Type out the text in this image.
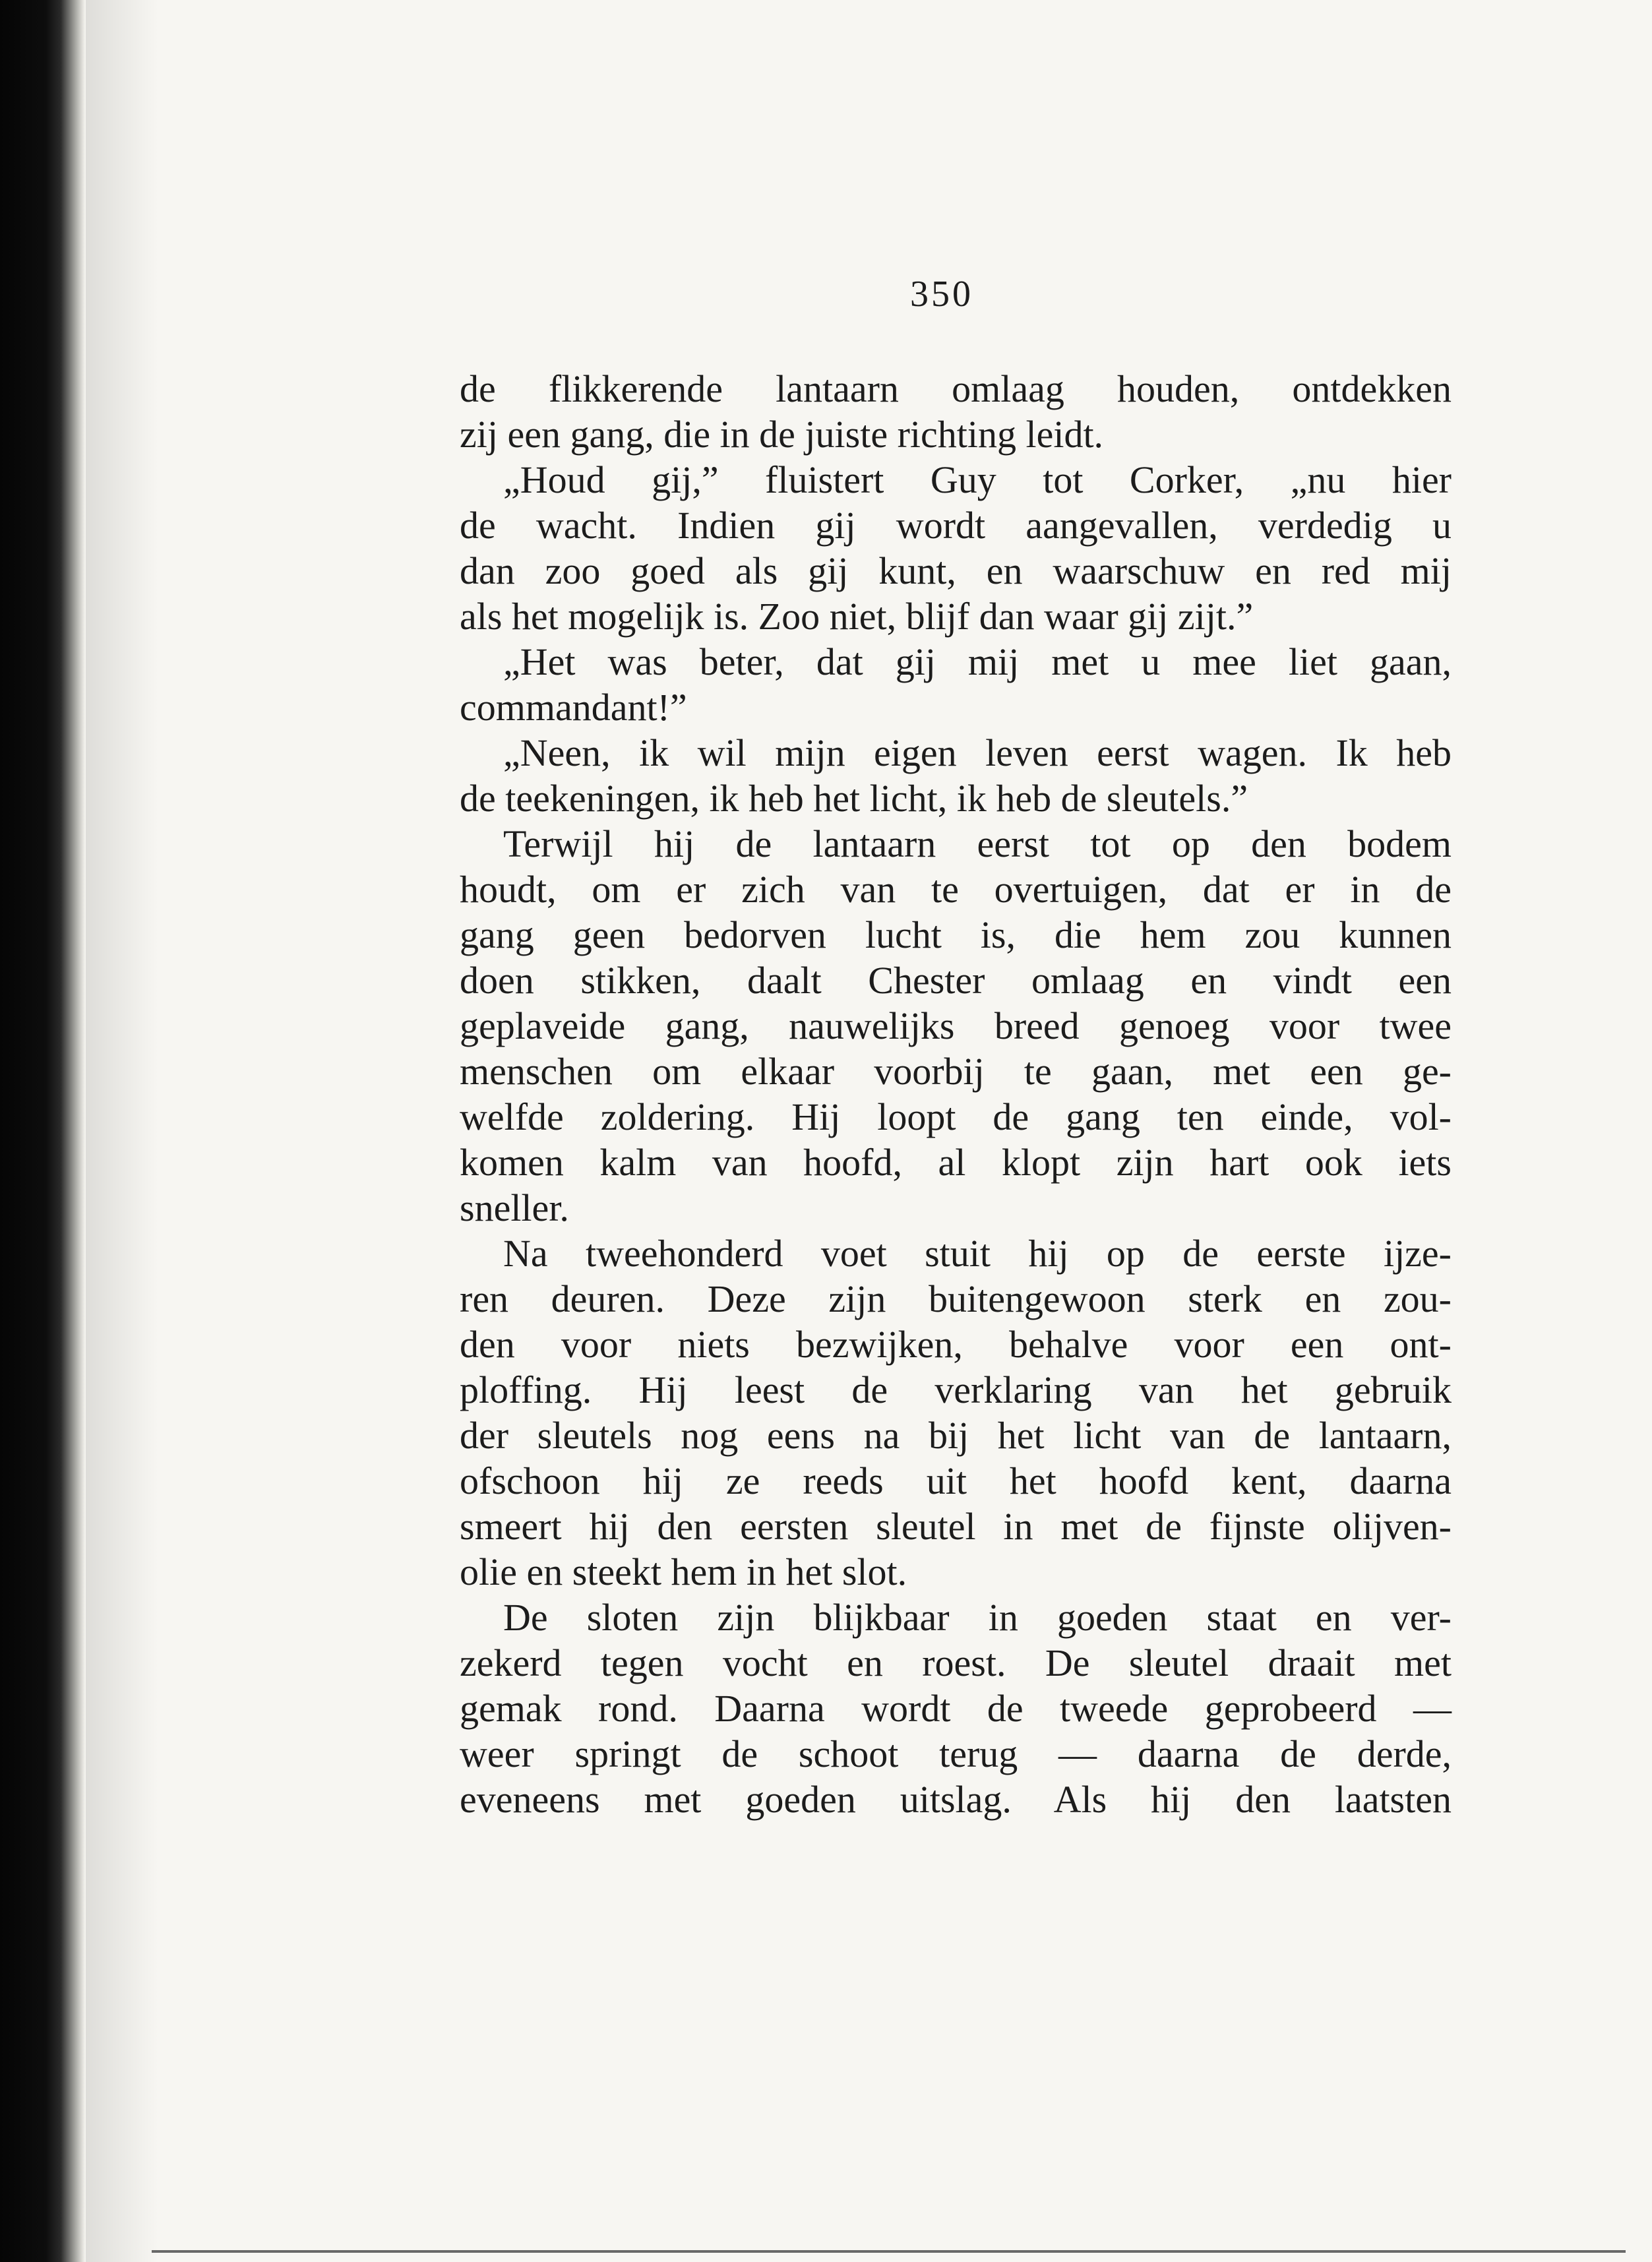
350

de flikkerende lantaarn omlaag houden, ontdekken
zij een gang, die in de juiste richting leidt.
„Houd gij,” fluistert Guy tot Corker, „nu hier
de wacht. Indien gij wordt aangevallen, verdedig u
dan zoo goed als gij kunt, en waarschuw en red mij
als het mogelijk is. Zoo niet, blijf dan waar gij zijt.”
„Het was beter, dat gij mij met u mee liet gaan,
commandant!”
„Neen, ik wil mijn eigen leven eerst wagen. Ik heb
de teekeningen, ik heb het licht, ik heb de sleutels.”
Terwijl hij de lantaarn eerst tot op den bodem
houdt, om er zich van te overtuigen, dat er in de
gang geen bedorven lucht is, die hem zou kunnen
doen stikken, daalt Chester omlaag en vindt een
geplaveide gang, nauwelijks breed genoeg voor twee
menschen om elkaar voorbij te gaan, met een ge-
welfde zoldering. Hij loopt de gang ten einde, vol-
komen kalm van hoofd, al klopt zijn hart ook iets
sneller.
Na tweehonderd voet stuit hij op de eerste ijze-
ren deuren. Deze zijn buitengewoon sterk en zou-
den voor niets bezwijken, behalve voor een ont-
ploffing. Hij leest de verklaring van het gebruik
der sleutels nog eens na bij het licht van de lantaarn,
ofschoon hij ze reeds uit het hoofd kent, daarna
smeert hij den eersten sleutel in met de fijnste olijven-
olie en steekt hem in het slot.
De sloten zijn blijkbaar in goeden staat en ver-
zekerd tegen vocht en roest. De sleutel draait met
gemak rond. Daarna wordt de tweede geprobeerd —
weer springt de schoot terug — daarna de derde,
eveneens met goeden uitslag. Als hij den laatsten
